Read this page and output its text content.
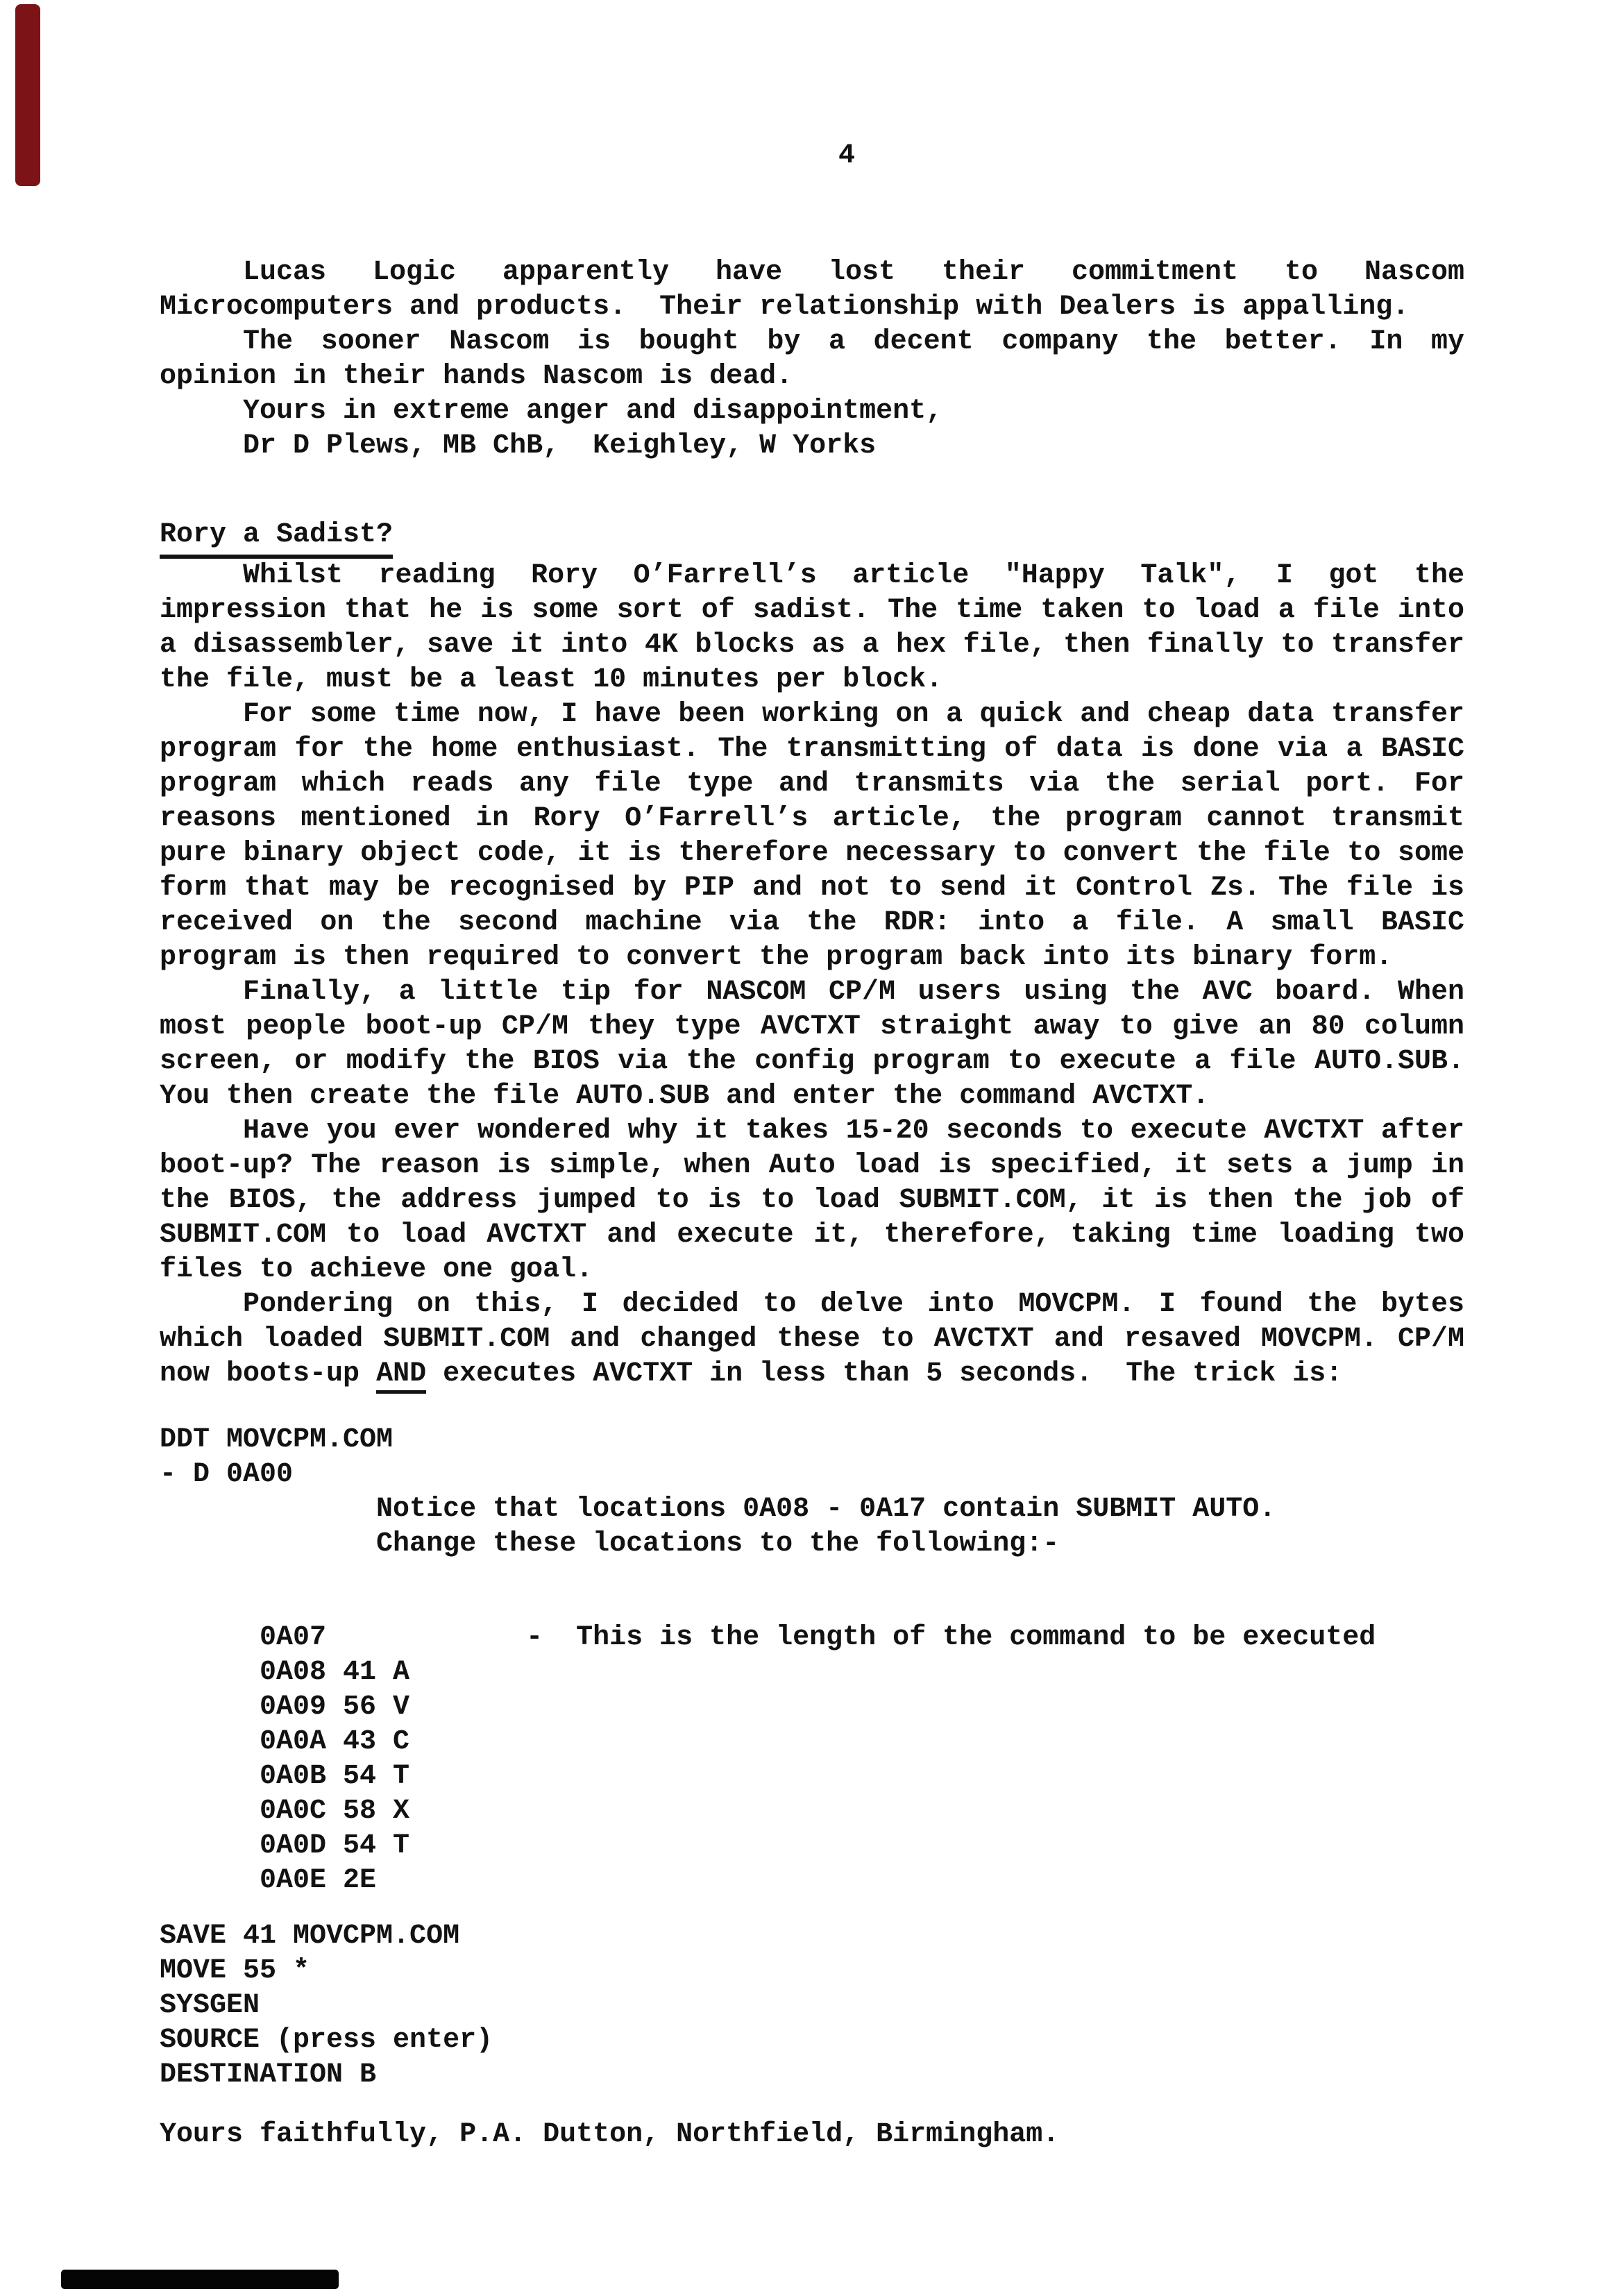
4
Lucas Logic apparently have lost their commitment to Nascom
Microcomputers and products.  Their relationship with Dealers is appalling.
The sooner Nascom is bought by a decent company the better. In my
opinion in their hands Nascom is dead.
Yours in extreme anger and disappointment,
Dr D Plews, MB ChB,  Keighley, W Yorks
Rory a Sadist?
Whilst reading Rory O’Farrell’s article "Happy Talk", I got the
impression that he is some sort of sadist. The time taken to load a file into
a disassembler, save it into 4K blocks as a hex file, then finally to transfer
the file, must be a least 10 minutes per block.
For some time now, I have been working on a quick and cheap data transfer
program for the home enthusiast. The transmitting of data is done via a BASIC
program which reads any file type and transmits via the serial port. For
reasons mentioned in Rory O’Farrell’s article, the program cannot transmit
pure binary object code, it is therefore necessary to convert the file to some
form that may be recognised by PIP and not to send it Control Zs. The file is
received on the second machine via the RDR: into a file. A small BASIC
program is then required to convert the program back into its binary form.
Finally, a little tip for NASCOM CP/M users using the AVC board. When
most people boot-up CP/M they type AVCTXT straight away to give an 80 column
screen, or modify the BIOS via the config program to execute a file AUTO.SUB.
You then create the file AUTO.SUB and enter the command AVCTXT.
Have you ever wondered why it takes 15-20 seconds to execute AVCTXT after
boot-up? The reason is simple, when Auto load is specified, it sets a jump in
the BIOS, the address jumped to is to load SUBMIT.COM, it is then the job of
SUBMIT.COM to load AVCTXT and execute it, therefore, taking time loading two
files to achieve one goal.
Pondering on this, I decided to delve into MOVCPM. I found the bytes
which loaded SUBMIT.COM and changed these to AVCTXT and resaved MOVCPM. CP/M
now boots-up AND executes AVCTXT in less than 5 seconds.  The trick is:
DDT MOVCPM.COM
- D 0A00
Notice that locations 0A08 - 0A17 contain SUBMIT AUTO.
Change these locations to the following:-
0A07            -  This is the length of the command to be executed
0A08 41 A
0A09 56 V
0A0A 43 C
0A0B 54 T
0A0C 58 X
0A0D 54 T
0A0E 2E
SAVE 41 MOVCPM.COM
MOVE 55 *
SYSGEN
SOURCE (press enter)
DESTINATION B
Yours faithfully, P.A. Dutton, Northfield, Birmingham.
